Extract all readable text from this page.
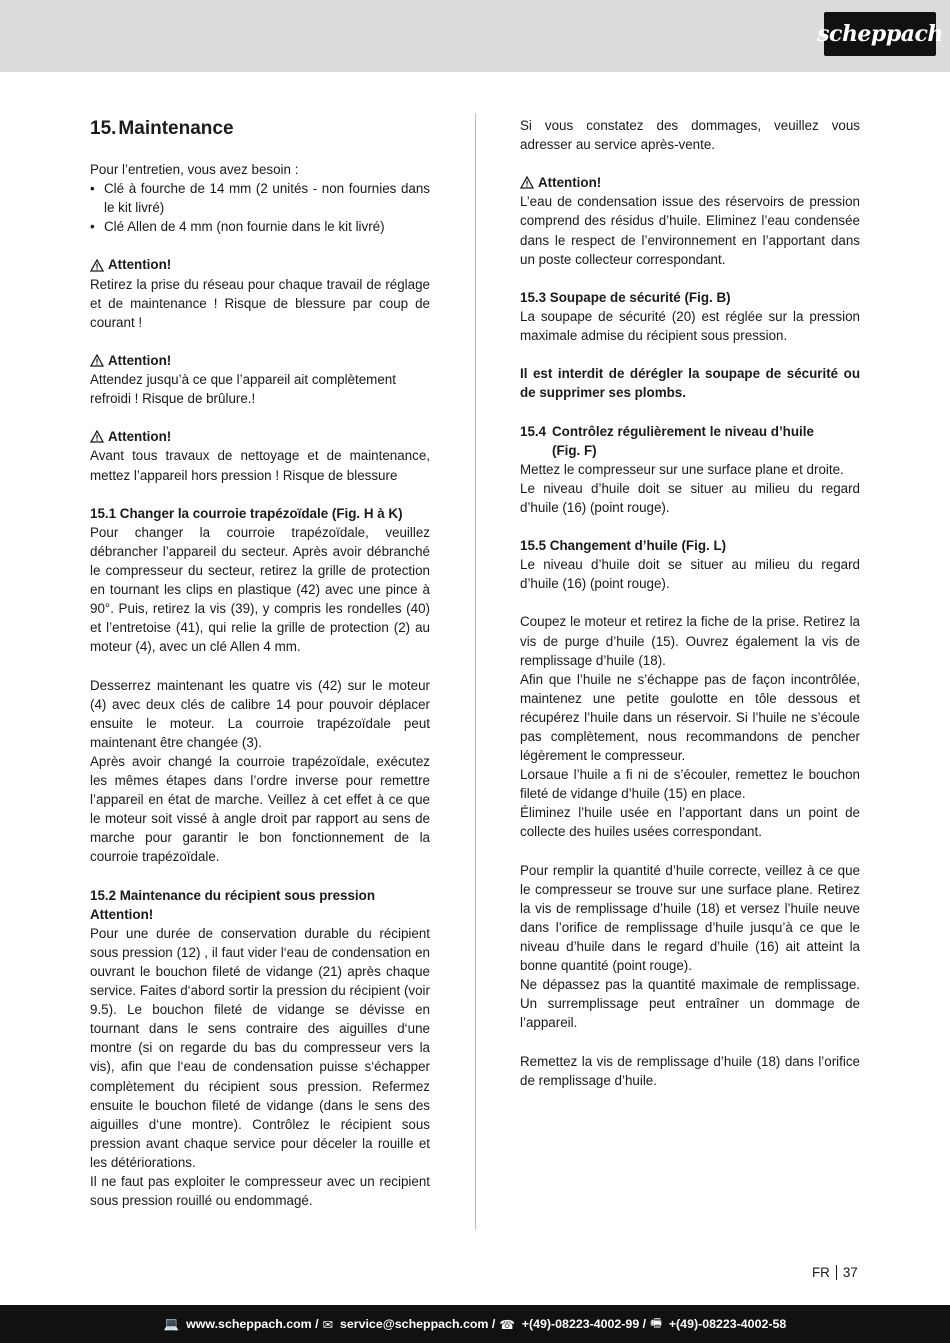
scheppach
15. Maintenance

Pour l’entretien, vous avez besoin :

• Clé à fourche de 14 mm (2 unités - non fournies dans le kit livré)
• Clé Allen de 4 mm (non fournie dans le kit livré)
Attention!

Retirez la prise du réseau pour chaque travail de réglage et de maintenance ! Risque de blessure par coup de courant !

Attention!

Attendez jusqu’à ce que l’appareil ait complètement refroidi ! Risque de brûlure.!

Attention!

Avant tous travaux de nettoyage et de maintenance, mettez l’appareil hors pression ! Risque de blessure

15.1 Changer la courroie trapézoïdale (Fig. H à K)

Pour changer la courroie trapézoïdale, veuillez débrancher l’appareil du secteur. Après avoir débranché le compresseur du secteur, retirez la grille de protection en tournant les clips en plastique (42) avec une pince à 90°. Puis, retirez la vis (39), y compris les rondelles (40) et l’entretoise (41), qui relie la grille de protection (2) au moteur (4), avec un clé Allen 4 mm.

Desserrez maintenant les quatre vis (42) sur le moteur (4) avec deux clés de calibre 14 pour pouvoir déplacer ensuite le moteur. La courroie trapézoïdale peut maintenant être changée (3).

Après avoir changé la courroie trapézoïdale, exécutez les mêmes étapes dans l’ordre inverse pour remettre l’appareil en état de marche. Veillez à cet effet à ce que le moteur soit vissé à angle droit par rapport au sens de marche pour garantir le bon fonctionnement de la courroie trapézoïdale.

15.2 Maintenance du récipient sous pression
Attention!

Pour une durée de conservation durable du récipient sous pression (12) , il faut vider l‘eau de condensation en ouvrant le bouchon fileté de vidange (21) après chaque service. Faites d‘abord sortir la pression du récipient (voir 9.5). Le bouchon fileté de vidange se dévisse en tournant dans le sens contraire des aiguilles d‘une montre (si on regarde du bas du compresseur vers la vis), afin que l‘eau de condensation puisse s‘échapper complètement du récipient sous pression. Refermez ensuite le bouchon fileté de vidange (dans le sens des aiguilles d‘une montre). Contrôlez le récipient sous pression avant chaque service pour déceler la rouille et les détériorations.

Il ne faut pas exploiter le compresseur avec un recipient sous pression rouillé ou endommagé.

Si vous constatez des dommages, veuillez vous adresser au service après-vente.

Attention!

L’eau de condensation issue des réservoirs de pression comprend des résidus d’huile. Eliminez l’eau condensée dans le respect de l’environnement en l’apportant dans un poste collecteur correspondant.

15.3 Soupape de sécurité (Fig. B)

La soupape de sécurité (20) est réglée sur la pression maximale admise du récipient sous pression.

Il est interdit de dérégler la soupape de sécurité ou de supprimer ses plombs.

15.4 Contrôlez régulièrement le niveau d’huile
(Fig. F)

Mettez le compresseur sur une surface plane et droite.

Le niveau d’huile doit se situer au milieu du regard d’huile (16) (point rouge).

15.5 Changement d’huile (Fig. L)

Le niveau d’huile doit se situer au milieu du regard d’huile (16) (point rouge).

Coupez le moteur et retirez la fiche de la prise. Retirez la vis de purge d’huile (15). Ouvrez également la vis de remplissage d’huile (18).

Afin que l’huile ne s’échappe pas de façon incontrôlée, maintenez une petite goulotte en tôle dessous et récupérez l’huile dans un réservoir. Si l’huile ne s’écoule pas complètement, nous recommandons de pencher légèrement le compresseur.

Lorsaue l’huile a fi ni de s’écouler, remettez le bouchon fileté de vidange d’huile (15) en place.

Éliminez l’huile usée en l’apportant dans un point de collecte des huiles usées correspondant.

Pour remplir la quantité d’huile correcte, veillez à ce que le compresseur se trouve sur une surface plane. Retirez la vis de remplissage d’huile (18) et versez l’huile neuve dans l’orifice de remplissage d’huile jusqu’à ce que le niveau d’huile dans le regard d’huile (16) ait atteint la bonne quantité (point rouge).

Ne dépassez pas la quantité maximale de remplissage. Un surremplissage peut entraîner un dommage de l’appareil.

Remettez la vis de remplissage d’huile (18) dans l’orifice de remplissage d’huile.

FR 37
💻 www.scheppach.com / ✉ service@scheppach.com / ☎ +(49)-08223-4002-99 / 🖷 +(49)-08223-4002-58
